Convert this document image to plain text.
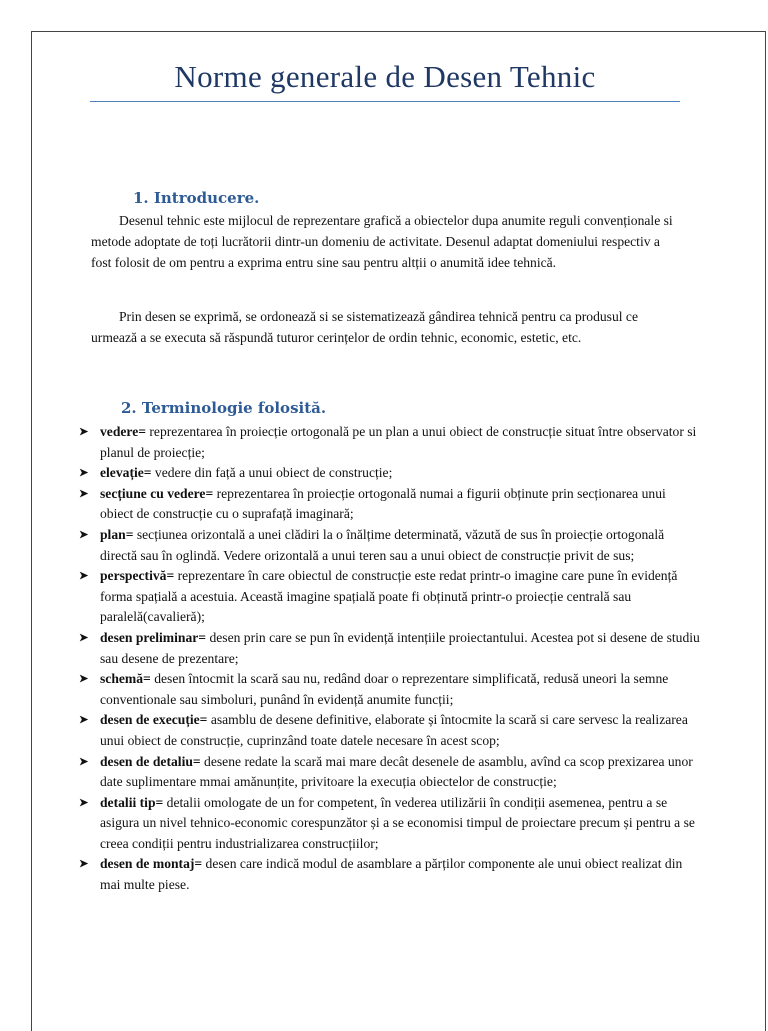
Norme generale de Desen Tehnic
1. Introducere.
Desenul tehnic este mijlocul de reprezentare grafică a obiectelor dupa anumite reguli convenționale si metode adoptate de toți lucrătorii dintr-un domeniu de activitate. Desenul adaptat domeniului respectiv a fost folosit de om pentru a exprima entru sine sau pentru altții o anumită idee tehnică.
Prin desen se exprimă, se ordonează si se sistematizează gândirea tehnică pentru ca produsul ce urmează a se executa să răspundă tuturor cerințelor de ordin tehnic, economic, estetic, etc.
2. Terminologie folosită.
➤ vedere= reprezentarea în proiecție ortogonală pe un plan a unui obiect de construcție situat între observator si planul de proiecție;
➤ elevație= vedere din față a unui obiect de construcție;
➤ secțiune cu vedere= reprezentarea în proiecție ortogonală numai a figurii obținute prin secționarea unui obiect de construcție cu o suprafață imaginară;
➤ plan= secțiunea orizontală a unei clădiri la o înălțime determinată, văzută de sus în proiecție ortogonală directă sau în oglindă. Vedere orizontală a unui teren sau a unui obiect de construcție privit de sus;
➤ perspectivă= reprezentare în care obiectul de construcție este redat printr-o imagine care pune în evidență forma spațială a acestuia. Această imagine spațială poate fi obținută printr-o proiecție centrală sau paralelă(cavalieră);
➤ desen preliminar= desen prin care se pun în evidență intențiile proiectantului. Acestea pot si desene de studiu sau desene de prezentare;
➤ schemă= desen întocmit la scară sau nu, redând doar o reprezentare simplificată, redusă uneori la semne conventionale sau simboluri, punând în evidență anumite funcții;
➤ desen de execuție= asamblu de desene definitive, elaborate și întocmite la scară si care servesc la realizarea unui obiect de construcție, cuprinzând toate datele necesare în acest scop;
➤ desen de detaliu= desene redate la scară mai mare decât desenele de asamblu, avînd ca scop prexizarea unor date suplimentare mmai amănunțite, privitoare la execuția obiectelor de construcție;
➤ detalii tip= detalii omologate de un for competent, în vederea utilizării în condiții asemenea, pentru a se asigura un nivel tehnico-economic corespunzător și a se economisi timpul de proiectare precum și pentru a se creea condiții pentru industrializarea construcțiilor;
➤ desen de montaj= desen care indică modul de asamblare a părților componente ale unui obiect realizat din mai multe piese.
